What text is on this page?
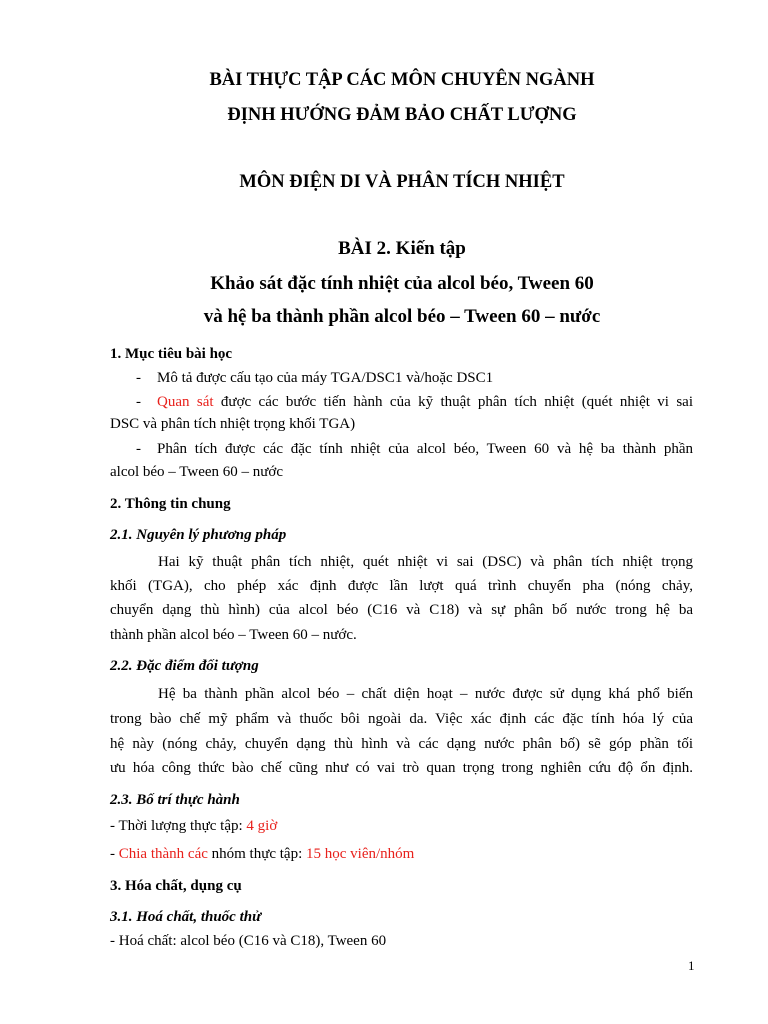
BÀI THỰC TẬP CÁC MÔN CHUYÊN NGÀNH
ĐỊNH HƯỚNG ĐẢM BẢO CHẤT LƯỢNG
MÔN ĐIỆN DI VÀ PHÂN TÍCH NHIỆT
BÀI 2. Kiến tập
Khảo sát đặc tính nhiệt của alcol béo, Tween 60
và hệ ba thành phần alcol béo – Tween 60 – nước
1. Mục tiêu bài học
- Mô tả được cấu tạo của máy TGA/DSC1 và/hoặc DSC1
- Quan sát được các bước tiến hành của kỹ thuật phân tích nhiệt (quét nhiệt vi sai
DSC và phân tích nhiệt trọng khối TGA)
- Phân tích được các đặc tính nhiệt của alcol béo, Tween 60 và hệ ba thành phần
alcol béo – Tween 60 – nước
2. Thông tin chung
2.1. Nguyên lý phương pháp
Hai kỹ thuật phân tích nhiệt, quét nhiệt vi sai (DSC) và phân tích nhiệt trọng
khối (TGA), cho phép xác định được lần lượt quá trình chuyển pha (nóng chảy,
chuyển dạng thù hình) của alcol béo (C16 và C18) và sự phân bố nước trong hệ ba
thành phần alcol béo – Tween 60 – nước.
2.2. Đặc điểm đối tượng
Hệ ba thành phần alcol béo – chất diện hoạt – nước được sử dụng khá phổ biến
trong bào chế mỹ phẩm và thuốc bôi ngoài da. Việc xác định các đặc tính hóa lý của
hệ này (nóng chảy, chuyển dạng thù hình và các dạng nước phân bố) sẽ góp phần tối
ưu hóa công thức bào chế cũng như có vai trò quan trọng trong nghiên cứu độ ổn định.
2.3. Bố trí thực hành
- Thời lượng thực tập: 4 giờ
- Chia thành các nhóm thực tập: 15 học viên/nhóm
3. Hóa chất, dụng cụ
3.1. Hoá chất, thuốc thử
- Hoá chất: alcol béo (C16 và C18), Tween 60
1
